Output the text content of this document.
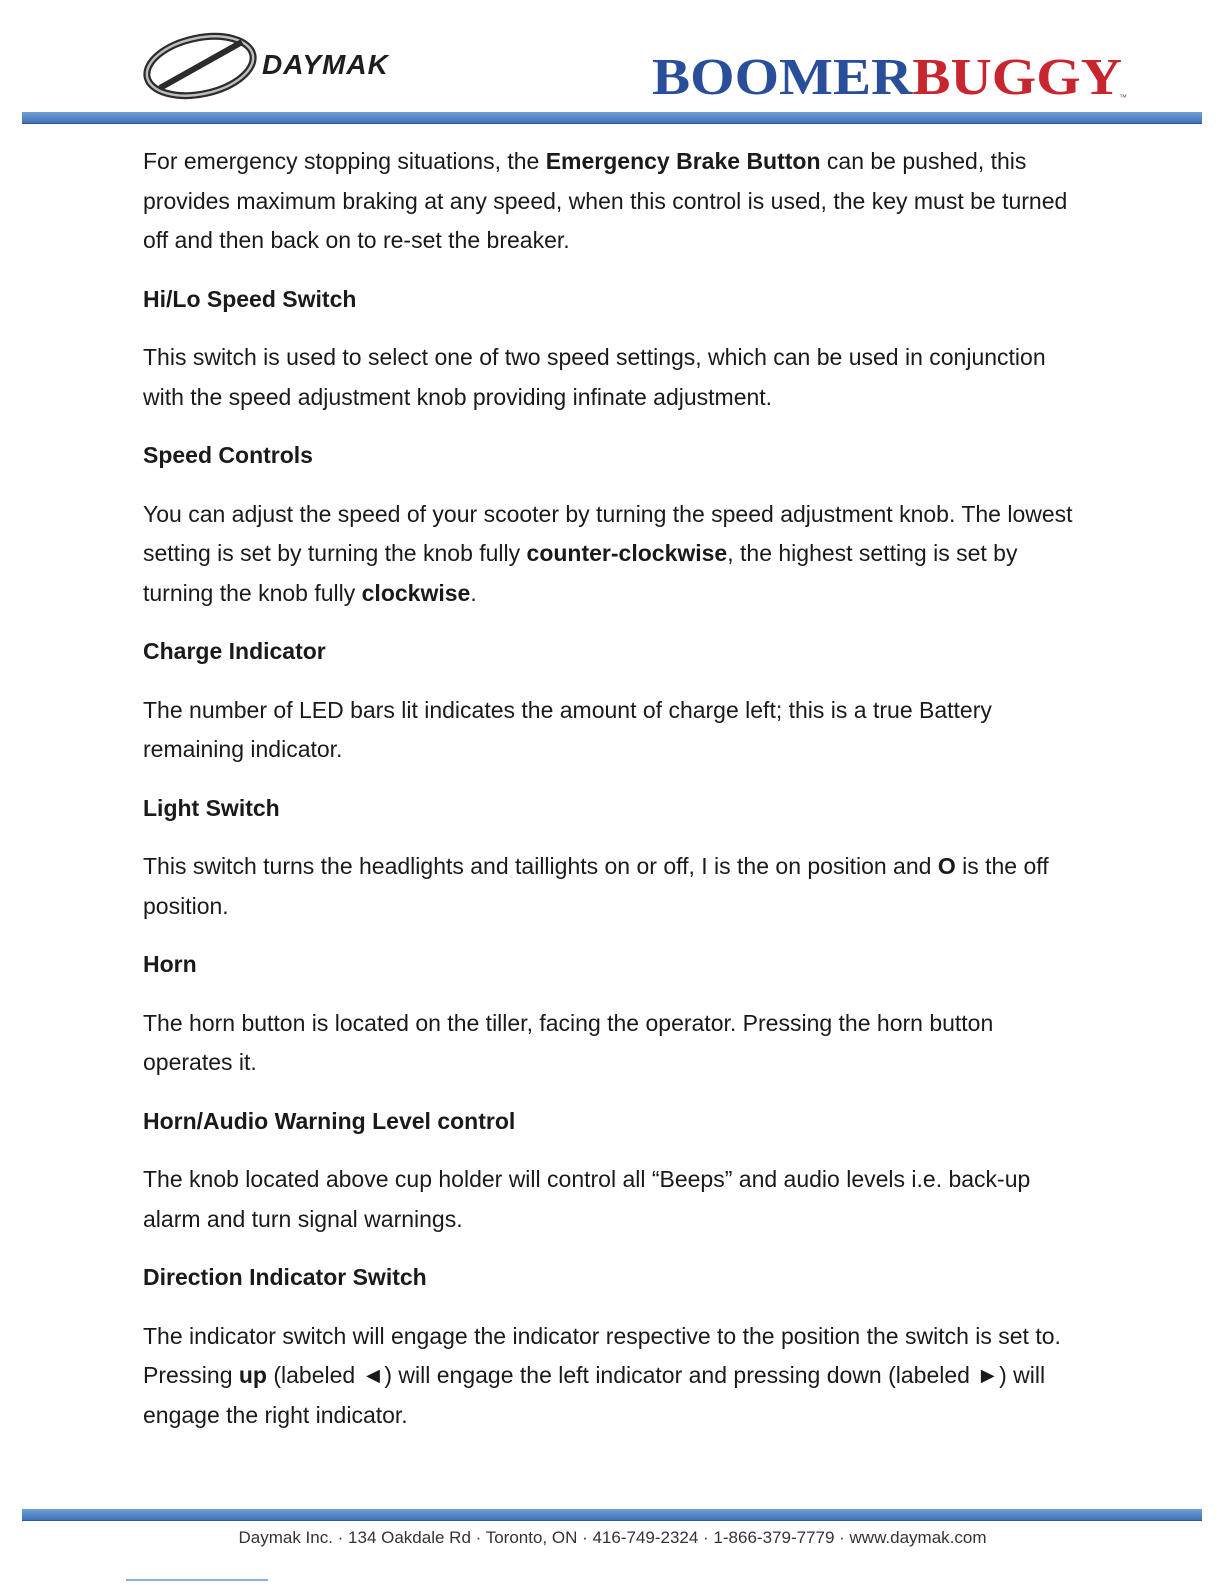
DAYMAK	BOOMER BUGGY	™

For emergency stopping situations, the Emergency Brake Button can be pushed, this provides maximum braking at any speed, when this control is used, the key must be turned off and then back on to re-set the breaker.

Hi/Lo Speed Switch

This switch is used to select one of two speed settings, which can be used in conjunction with the speed adjustment knob providing infinate adjustment.

Speed Controls

You can adjust the speed of your scooter by turning the speed adjustment knob. The lowest setting is set by turning the knob fully counter-clockwise, the highest setting is set by turning the knob fully clockwise.

Charge Indicator

The number of LED bars lit indicates the amount of charge left; this is a true Battery remaining indicator.

Light Switch

This switch turns the headlights and taillights on or off, I is the on position and O is the off position.

Horn

The horn button is located on the tiller, facing the operator. Pressing the horn button operates it.

Horn/Audio Warning Level control

The knob located above cup holder will control all “Beeps” and audio levels i.e. back-up alarm and turn signal warnings.

Direction Indicator Switch

The indicator switch will engage the indicator respective to the position the switch is set to. Pressing up (labeled ◄) will engage the left indicator and pressing down (labeled ►) will engage the right indicator.

Daymak Inc. · 134 Oakdale Rd · Toronto, ON · 416-749-2324 · 1-866-379-7779 · www.daymak.com
